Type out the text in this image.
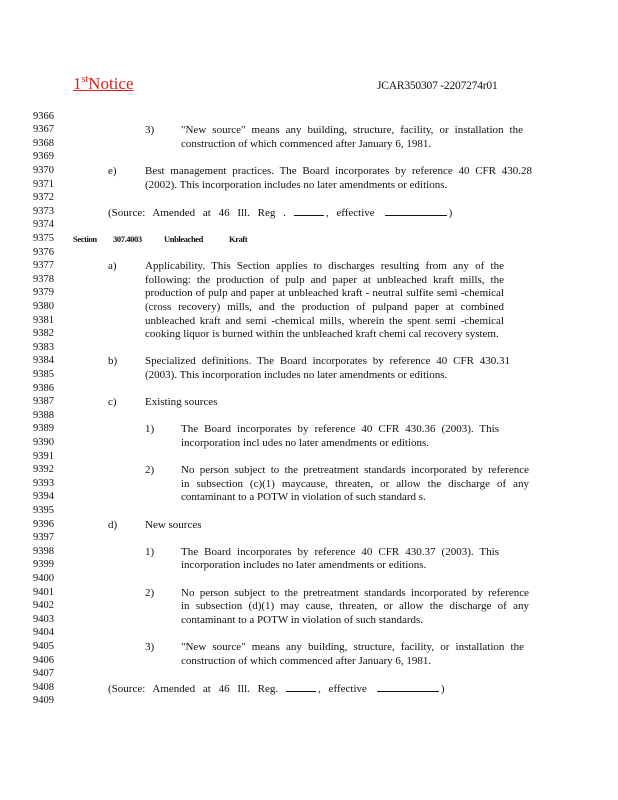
1stNotice	JCAR350307 -2207274r01
9366
9367
9368
9369
9370
9371
9372
9373
9374
9375
9376
9377
9378
9379
9380
9381
9382
9383
9384
9385
9386
9387
9388
9389
9390
9391
9392
9393
9394
9395
9396
9397
9398
9399
9400
9401
9402
9403
9404
9405
9406
9407
9408
9409
3) "New source" means any building, structure, facility, or installation the
construction of which commenced after January 6, 1981.
e)	Best management practices. The Board incorporates by reference 40 CFR 430.28
(2002). This incorporation includes no later amendments or editions.
(Source: Amended at 46 Ill. Reg .	, effective	)
Section 307.4003	Unbleached	Kraft
a)	Applicability. This Section applies to discharges resulting from any of the
following: the production of pulp and paper at unbleached kraft mills, the
production of pulp and paper at unbleached kraft - neutral sulfite semi -chemical
(cross recovery) mills, and the production of pulpand paper at combined
unbleached kraft and semi -chemical mills, wherein the spent semi -chemical
cooking liquor is burned within the unbleached kraft chemi cal recovery system.
b)	Specialized definitions. The Board incorporates by reference 40 CFR 430.31
(2003). This incorporation includes no later amendments or editions.
c)	Existing sources
1) The Board incorporates by reference 40 CFR 430.36 (2003). This
incorporation incl udes no later amendments or editions.
2) No person subject to the pretreatment standards incorporated by reference
in subsection (c)(1) maycause, threaten, or allow the discharge of any
contaminant to a POTW in violation of such standard s.
d)	New sources
1) The Board incorporates by reference 40 CFR 430.37 (2003). This
incorporation includes no later amendments or editions.
2) No person subject to the pretreatment standards incorporated by reference
in subsection (d)(1) may cause, threaten, or allow the discharge of any
contaminant to a POTW in violation of such standards.
3) "New source" means any building, structure, facility, or installation the
construction of which commenced after January 6, 1981.
(Source: Amended at 46 Ill. Reg.	, effective	)
